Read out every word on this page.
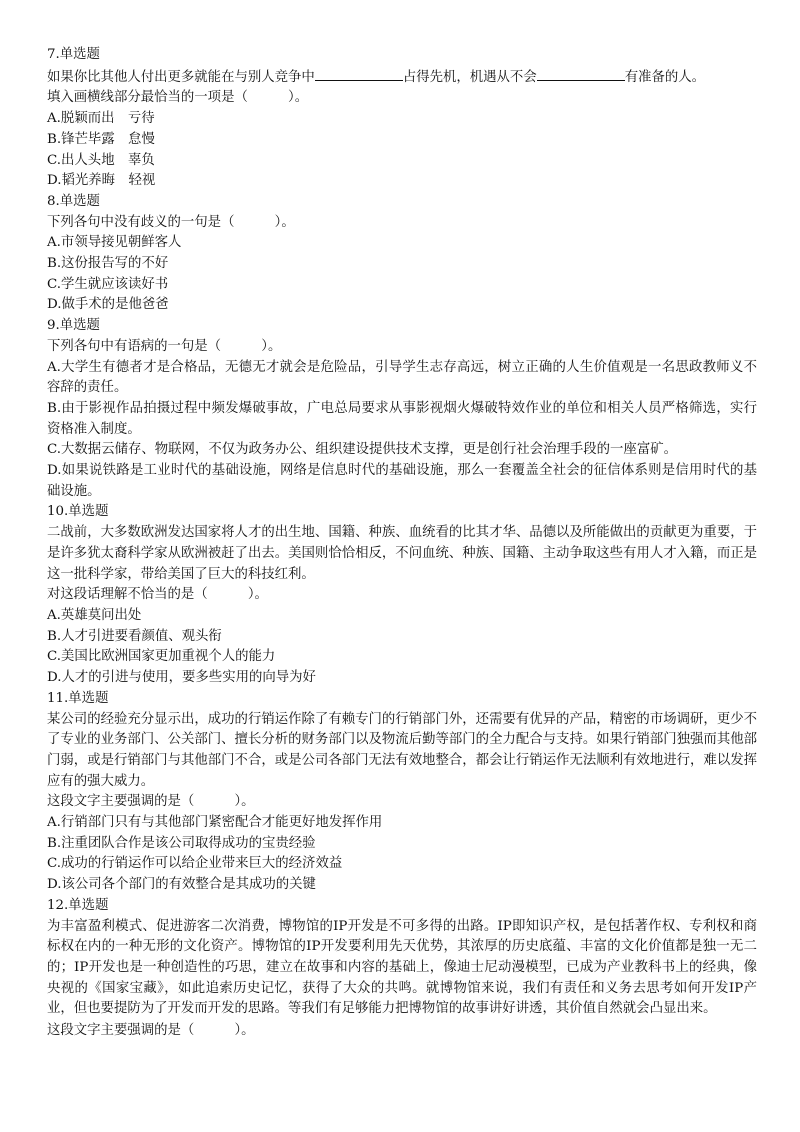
7.单选题

如果你比其他人付出更多就能在与别人竞争中	占得先机，机遇从不会	有准备的人。

填入画横线部分最恰当的一项是（　　　）。

A.脱颖而出　亏待

B.锋芒毕露　怠慢

C.出人头地　辜负

D.韬光养晦　轻视

8.单选题

下列各句中没有歧义的一句是（　　　）。

A.市领导接见朝鲜客人

B.这份报告写的不好

C.学生就应该读好书

D.做手术的是他爸爸

9.单选题

下列各句中有语病的一句是（　　　）。

A.大学生有德者才是合格品，无德无才就会是危险品，引导学生志存高远，树立正确的人生价值观是一名思政教师义不容辞的责任。

B.由于影视作品拍摄过程中频发爆破事故，广电总局要求从事影视烟火爆破特效作业的单位和相关人员严格筛选，实行资格准入制度。

C.大数据云储存、物联网，不仅为政务办公、组织建设提供技术支撑，更是创行社会治理手段的一座富矿。

D.如果说铁路是工业时代的基础设施，网络是信息时代的基础设施，那么一套覆盖全社会的征信体系则是信用时代的基础设施。

10.单选题

二战前，大多数欧洲发达国家将人才的出生地、国籍、种族、血统看的比其才华、品德以及所能做出的贡献更为重要，于是许多犹太裔科学家从欧洲被赶了出去。美国则恰恰相反，不问血统、种族、国籍、主动争取这些有用人才入籍，而正是这一批科学家，带给美国了巨大的科技红利。

对这段话理解不恰当的是（　　　）。

A.英雄莫问出处

B.人才引进要看颜值、观头衔

C.美国比欧洲国家更加重视个人的能力

D.人才的引进与使用，要多些实用的向导为好

11.单选题

某公司的经验充分显示出，成功的行销运作除了有赖专门的行销部门外，还需要有优异的产品，精密的市场调研，更少不了专业的业务部门、公关部门、擅长分析的财务部门以及物流后勤等部门的全力配合与支持。如果行销部门独强而其他部门弱，或是行销部门与其他部门不合，或是公司各部门无法有效地整合，都会让行销运作无法顺利有效地进行，难以发挥应有的强大威力。

这段文字主要强调的是（　　　）。

A.行销部门只有与其他部门紧密配合才能更好地发挥作用

B.注重团队合作是该公司取得成功的宝贵经验

C.成功的行销运作可以给企业带来巨大的经济效益

D.该公司各个部门的有效整合是其成功的关键

12.单选题

为丰富盈利模式、促进游客二次消费，博物馆的IP开发是不可多得的出路。IP即知识产权，是包括著作权、专利权和商标权在内的一种无形的文化资产。博物馆的IP开发要利用先天优势，其浓厚的历史底蕴、丰富的文化价值都是独一无二的；IP开发也是一种创造性的巧思，建立在故事和内容的基础上，像迪士尼动漫模型，已成为产业教科书上的经典，像央视的《国家宝藏》，如此追索历史记忆，获得了大众的共鸣。就博物馆来说，我们有责任和义务去思考如何开发IP产业，但也要提防为了开发而开发的思路。等我们有足够能力把博物馆的故事讲好讲透，其价值自然就会凸显出来。

这段文字主要强调的是（　　　）。
